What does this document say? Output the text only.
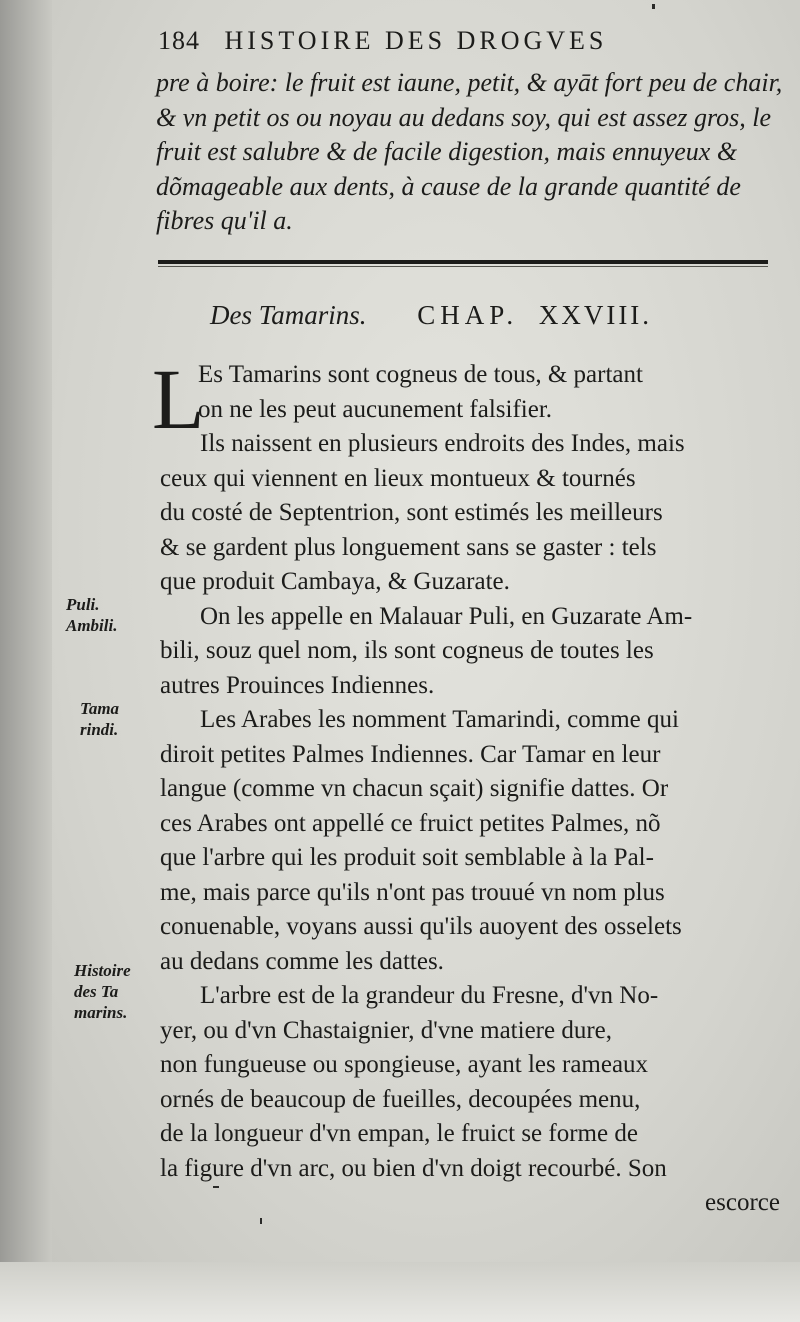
184 HISTOIRE DES DROGVES
pre à boire: le fruit est iaune, petit, & ayāt fort peu de chair,
& vn petit os ou noyau au dedans soy, qui est assez gros, le
fruit est salubre & de facile digestion, mais ennuyeux &
dõmageable aux dents, à cause de la grande quantité de
fibres qu'il a.
Des Tamarins. CHAP. XXVIII.
L
Es Tamarins sont cogneus de tous, & partant
on ne les peut aucunement falsifier.
Ils naissent en plusieurs endroits des Indes, mais
ceux qui viennent en lieux montueux & tournés
du costé de Septentrion, sont estimés les meilleurs
& se gardent plus longuement sans se gaster : tels
que produit Cambaya, & Guzarate.
On les appelle en Malauar Puli, en Guzarate Am-
bili, souz quel nom, ils sont cogneus de toutes les
autres Prouinces Indiennes.
Les Arabes les nomment Tamarindi, comme qui
diroit petites Palmes Indiennes. Car Tamar en leur
langue (comme vn chacun sçait) signifie dattes. Or
ces Arabes ont appellé ce fruict petites Palmes, nõ
que l'arbre qui les produit soit semblable à la Pal-
me, mais parce qu'ils n'ont pas trouué vn nom plus
conuenable, voyans aussi qu'ils auoyent des osselets
au dedans comme les dattes.
L'arbre est de la grandeur du Fresne, d'vn No-
yer, ou d'vn Chastaignier, d'vne matiere dure,
non fungueuse ou spongieuse, ayant les rameaux
ornés de beaucoup de fueilles, decoupées menu,
de la longueur d'vn empan, le fruict se forme de
la figure d'vn arc, ou bien d'vn doigt recourbé. Son
escorce
Puli.
Ambili.
Tama
rindi.
Histoire
des Ta
marins.
